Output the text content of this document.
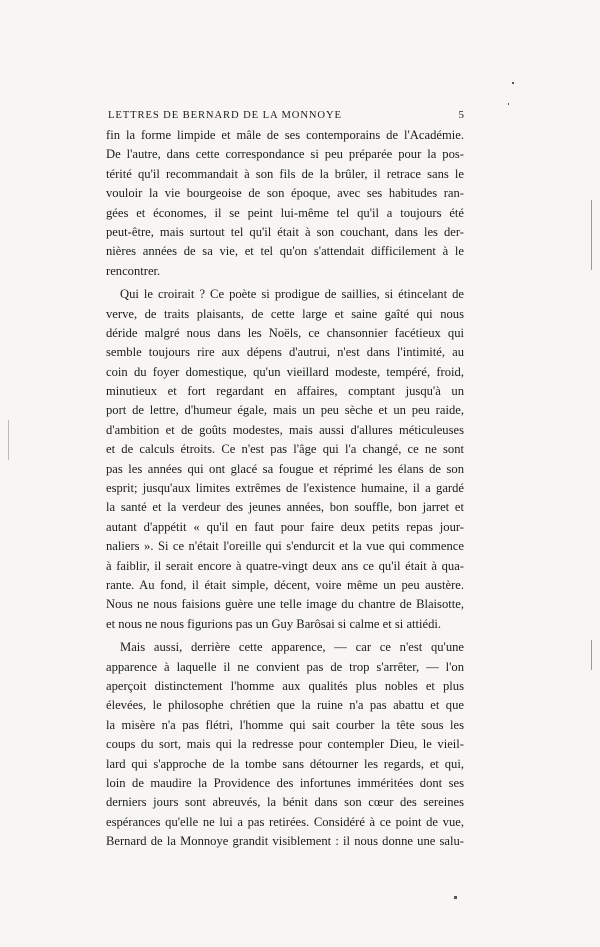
LETTRES DE BERNARD DE LA MONNOYE	5
fin la forme limpide et mâle de ses contemporains de l'Académie.
De l'autre, dans cette correspondance si peu préparée pour la pos-
térité qu'il recommandait à son fils de la brûler, il retrace sans le
vouloir la vie bourgeoise de son époque, avec ses habitudes ran-
gées et économes, il se peint lui-même tel qu'il a toujours été
peut-être, mais surtout tel qu'il était à son couchant, dans les der-
nières années de sa vie, et tel qu'on s'attendait difficilement à le
rencontrer.
Qui le croirait ? Ce poète si prodigue de saillies, si étincelant de
verve, de traits plaisants, de cette large et saine gaîté qui nous
déride malgré nous dans les Noëls, ce chansonnier facétieux qui
semble toujours rire aux dépens d'autrui, n'est dans l'intimité, au
coin du foyer domestique, qu'un vieillard modeste, tempéré, froid,
minutieux et fort regardant en affaires, comptant jusqu'à un
port de lettre, d'humeur égale, mais un peu sèche et un peu raide,
d'ambition et de goûts modestes, mais aussi d'allures méticuleuses
et de calculs étroits. Ce n'est pas l'âge qui l'a changé, ce ne sont
pas les années qui ont glacé sa fougue et réprimé les élans de son
esprit; jusqu'aux limites extrêmes de l'existence humaine, il a gardé
la santé et la verdeur des jeunes années, bon souffle, bon jarret et
autant d'appétit « qu'il en faut pour faire deux petits repas jour-
naliers ». Si ce n'était l'oreille qui s'endurcit et la vue qui commence
à faiblir, il serait encore à quatre-vingt deux ans ce qu'il était à qua-
rante. Au fond, il était simple, décent, voire même un peu austère.
Nous ne nous faisions guère une telle image du chantre de Blaisotte,
et nous ne nous figurions pas un Guy Barôsai si calme et si attiédi.
Mais aussi, derrière cette apparence, — car ce n'est qu'une
apparence à laquelle il ne convient pas de trop s'arrêter, — l'on
aperçoit distinctement l'homme aux qualités plus nobles et plus
élevées, le philosophe chrétien que la ruine n'a pas abattu et que
la misère n'a pas flétri, l'homme qui sait courber la tête sous les
coups du sort, mais qui la redresse pour contempler Dieu, le vieil-
lard qui s'approche de la tombe sans détourner les regards, et qui,
loin de maudire la Providence des infortunes imméritées dont ses
derniers jours sont abreuvés, la bénit dans son cœur des sereines
espérances qu'elle ne lui a pas retirées. Considéré à ce point de vue,
Bernard de la Monnoye grandit visiblement : il nous donne une salu-
